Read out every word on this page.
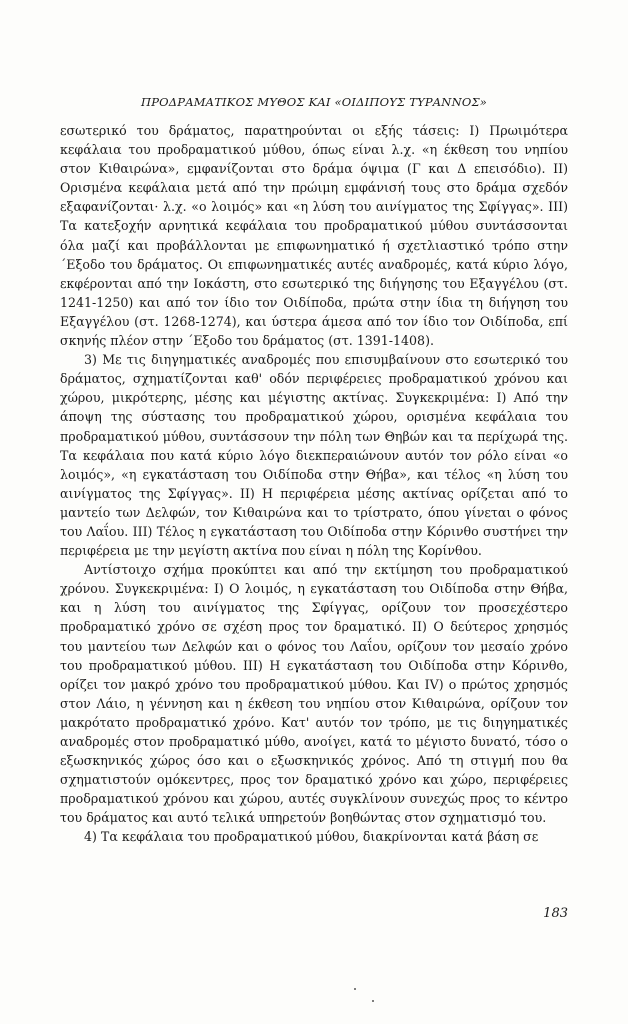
ΠΡΟΔΡΑΜΑΤΙΚΟΣ ΜΥΘΟΣ ΚΑΙ «ΟΙΔΙΠΟΥΣ ΤΥΡΑΝΝΟΣ»

εσωτερικό του δράματος, παρατηρούνται οι εξής τάσεις: I) Πρωιμότερα κεφάλαια του προδραματικού μύθου, όπως είναι λ.χ. «η έκθεση του νηπίου στον Κιθαιρώνα», εμφανίζονται στο δράμα όψιμα (Γ και Δ επεισόδιο). II) Ορισμένα κεφάλαια μετά από την πρώιμη εμφάνισή τους στο δράμα σχεδόν εξαφανίζονται· λ.χ. «ο λοιμός» και «η λύση του αινίγματος της Σφίγγας». III) Τα κατεξοχήν αρνητικά κεφάλαια του προδραματικού μύθου συντάσσονται όλα μαζί και προβάλλονται με επιφωνηματικό ή σχετλιαστικό τρόπο στην ´Εξοδο του δράματος. Οι επιφωνηματικές αυτές αναδρομές, κατά κύριο λόγο, εκφέρονται από την Ιοκάστη, στο εσωτερικό της διήγησης του Εξαγγέλου (στ. 1241-1250) και από τον ίδιο τον Οιδίποδα, πρώτα στην ίδια τη διήγηση του Εξαγγέλου (στ. 1268-1274), και ύστερα άμεσα από τον ίδιο τον Οιδίποδα, επί σκηνής πλέον στην ´Εξοδο του δράματος (στ. 1391-1408).

3) Με τις διηγηματικές αναδρομές που επισυμβαίνουν στο εσωτερικό του δράματος, σχηματίζονται καθ' οδόν περιφέρειες προδραματικού χρόνου και χώρου, μικρότερης, μέσης και μέγιστης ακτίνας. Συγκεκριμένα: I) Από την άποψη της σύστασης του προδραματικού χώρου, ορισμένα κεφάλαια του προδραματικού μύθου, συντάσσουν την πόλη των Θηβών και τα περίχωρά της. Τα κεφάλαια που κατά κύριο λόγο διεκπεραιώνουν αυτόν τον ρόλο είναι «ο λοιμός», «η εγκατάσταση του Οιδίποδα στην Θήβα», και τέλος «η λύση του αινίγματος της Σφίγγας». II) Η περιφέρεια μέσης ακτίνας ορίζεται από το μαντείο των Δελφών, τον Κιθαιρώνα και το τρίστρατο, όπου γίνεται ο φόνος του Λαΐου. III) Τέλος η εγκατάσταση του Οιδίποδα στην Κόρινθο συστήνει την περιφέρεια με την μεγίστη ακτίνα που είναι η πόλη της Κορίνθου.

Αντίστοιχο σχήμα προκύπτει και από την εκτίμηση του προδραματικού χρόνου. Συγκεκριμένα: I) Ο λοιμός, η εγκατάσταση του Οιδίποδα στην Θήβα, και η λύση του αινίγματος της Σφίγγας, ορίζουν τον προσεχέστερο προδραματικό χρόνο σε σχέση προς τον δραματικό. II) Ο δεύτερος χρησμός του μαντείου των Δελφών και ο φόνος του Λαΐου, ορίζουν τον μεσαίο χρόνο του προδραματικού μύθου. III) Η εγκατάσταση του Οιδίποδα στην Κόρινθο, ορίζει τον μακρό χρόνο του προδραματικού μύθου. Και IV) ο πρώτος χρησμός στον Λάιο, η γέννηση και η έκθεση του νηπίου στον Κιθαιρώνα, ορίζουν τον μακρότατο προδραματικό χρόνο. Κατ' αυτόν τον τρόπο, με τις διηγηματικές αναδρομές στον προδραματικό μύθο, ανοίγει, κατά το μέγιστο δυνατό, τόσο ο εξωσκηνικός χώρος όσο και ο εξωσκηνικός χρόνος. Από τη στιγμή που θα σχηματιστούν ομόκεντρες, προς τον δραματικό χρόνο και χώρο, περιφέρειες προδραματικού χρόνου και χώρου, αυτές συγκλίνουν συνεχώς προς το κέντρο του δράματος και αυτό τελικά υπηρετούν βοηθώντας στον σχηματισμό του.

4) Τα κεφάλαια του προδραματικού μύθου, διακρίνονται κατά βάση σε

183
